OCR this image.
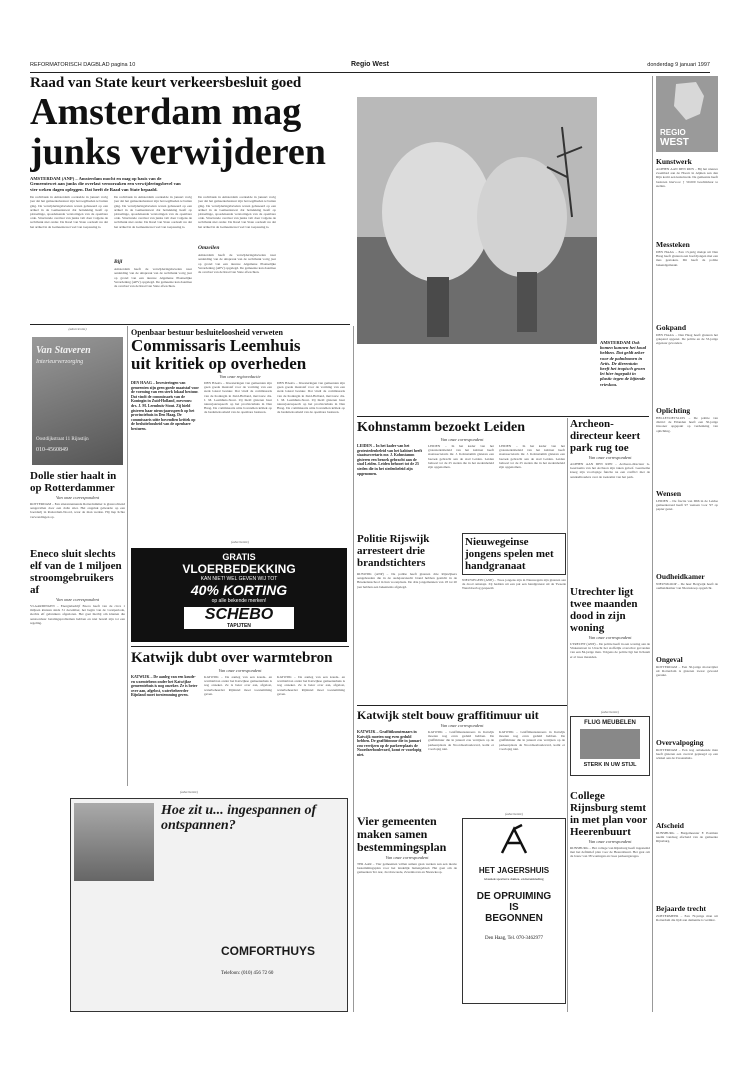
REFORMATORISCH DAGBLAD pagina 10	Regio West	donderdag 9 januari 1997
Raad van State keurt verkeersbesluit goed
Amsterdam mag
junks verwijderen
AMSTERDAM (ANP) – Amsterdam mocht en mag op basis van de Gemeentewet aan junks die overlast veroorzaken een verwijderingsbevel van vier weken dagen opleggen. Dat heeft de Raad van State bepaald.
De rechtbank in Amsterdam oordeelde in januari vorig jaar dat het gemeentebestuur zijn bevoegdheden te buiten ging. De verwijderingsbevelen waren gebaseerd op een artikel in de Gemeentewet dat betrekking heeft op plotselinge, spoedeisende verstoringen van de openbare orde. Structurele overlast van junks valt daar volgens de rechtbank niet onder. De Raad van State oordeelt nu dat het artikel in de Gemeentewet wel van toepassing is.
De rechtbank in Amsterdam oordeelde in januari vorig jaar dat het gemeentebestuur zijn bevoegdheden te buiten ging. De verwijderingsbevelen waren gebaseerd op een artikel in de Gemeentewet dat betrekking heeft op plotselinge, spoedeisende verstoringen van de openbare orde. Structurele overlast van junks valt daar volgens de rechtbank niet onder. De Raad van State oordeelt nu dat het artikel in de Gemeentewet wel van toepassing is.
Bijl
Amsterdam heeft de verwijderingsbevelen naar aanleiding van de uitspraak van de rechtbank vorig jaar op grond van een nieuwe Algemene Plaatselijke Verordening (APV) opgelegd. De gemeente kan daarmee de overlast van de Raad van State afwachten.
De rechtbank in Amsterdam oordeelde in januari vorig jaar dat het gemeentebestuur zijn bevoegdheden te buiten ging. De verwijderingsbevelen waren gebaseerd op een artikel in de Gemeentewet dat betrekking heeft op plotselinge, spoedeisende verstoringen van de openbare orde. Structurele overlast van junks valt daar volgens de rechtbank niet onder. De Raad van State oordeelt nu dat het artikel in de Gemeentewet wel van toepassing is.
Omzeilen
Amsterdam heeft de verwijderingsbevelen naar aanleiding van de uitspraak van de rechtbank vorig jaar op grond van een nieuwe Algemene Plaatselijke Verordening (APV) opgelegd. De gemeente kan daarmee de overlast van de Raad van State afwachten.
AMSTERDAM Ook bomen kunnen het koud hebben. Dat geldt zeker voor de palmbomen in Artis. De dierentuin heeft het tropisch groen let hier ingepakt in plastic tegen de bijtende vrieskou.
REGIO
WEST
Kunstwerk
ALPHEN AAN DEN RIJN – Bij het nieuwe zwembad aan de Hoorn in Alphen aan den Rijn komt een kunstwerk. De gemeente heeft besloten hiervoor ƒ 50.000 beschikbaar te stellen.
Messteken
DEN HAAG – Een 13-jarig meisje uit Den Haag heeft gisteren een hoofdjongen met een mes gestoken. Dit heeft de politie bekendgemaakt.
Gokpand
DEN HAAG – Den Haag heeft gisteren het gokpand opgezet. De politie en de 33-jarige eigenaar gevonden.
Oplichting
HELLEVOETSLUIS – De politie van district de Eilanden heeft een 30-jarige inwoner opgepakt op verdenking van oplichting.
Wensen
LEIDEN – De fractie van D66 in de Leidse gemeenteraad heeft 97 wensen voor '97 op papier gezet.
Oudheidkamer
NIEUWKOOP – De heer Bergwijk heeft de oudheidkamer van Nieuwkoop opgericht.
Ongeval
ROTTERDAM – Een 30-jarige motorrijder uit Rotterdam is gisteren zwaar gewond geraakt.
Overvalpoging
ROTTERDAM – Een nog onbekende man heeft gisteren een overval gepleegd op een winkel aan de Zwaanshals.
Afscheid
RIJNSBURG – Burgemeester F. Postman neemt vandaag afscheid van de gemeente Rijnsburg.
Bejaarde trecht
ZOETERMEER – Een 79-jarige man uit Rotterdam die lijdt aan dementie is vermist.
(advertentie)
Van Staveren
Interieurverzorging
Oostdijkstraat 11 Rijnstijn
010-4560849
Dolle stier haalt in op Rotterdammer
Van onze correspondent
ROTTERDAM – Een stierenrennende Rotterdammer is gisterochtend aangevallen door een dolle stier. Het ongeluk gebeurde op een boerderij in Rotterdam-Noord, waar de man werkte. Hij liep lichte verwondingen op.
Eneco sluit slechts elf van de 1 miljoen stroomgebruikers af
Van onze correspondent
VLAARDINGEN – Energiebedrijf Eneco heeft van de circa 1 miljoen klanten sinds 31 december, het begin van de vorstperiode, slechts elf gebruikers afgesloten. Het gaat hierbij om klanten die aantoonbaar betalingsproblemen hebben en niet bereid zijn tot een regeling.
Openbaar bestuur besluiteloosheid verweten
Commissaris Leemhuis
uit kritiek op overheden
Van onze regioredactie
DEN HAAG – Investeringen van gemeenten zijn geen goede maatstaf voor de vorming van een sterk lokaal bestuur. Dat vindt de commissaris van de Koningin in Zuid-Holland, mevrouw drs. J. M. Leemhuis-Stout. Zij hield gisteren haar nieuwjaarsspeech op het provinciehuis in Den Haag. De commissaris uitte bovendien kritiek op de besluiteloosheid van de openbare besturen.
DEN HAAG – Investeringen van gemeenten zijn geen goede maatstaf voor de vorming van een sterk lokaal bestuur. Dat vindt de commissaris van de Koningin in Zuid-Holland, mevrouw drs. J. M. Leemhuis-Stout. Zij hield gisteren haar nieuwjaarsspeech op het provinciehuis in Den Haag. De commissaris uitte bovendien kritiek op de besluiteloosheid van de openbare besturen.
DEN HAAG – Investeringen van gemeenten zijn geen goede maatstaf voor de vorming van een sterk lokaal bestuur. Dat vindt de commissaris van de Koningin in Zuid-Holland, mevrouw drs. J. M. Leemhuis-Stout. Zij hield gisteren haar nieuwjaarsspeech op het provinciehuis in Den Haag. De commissaris uitte bovendien kritiek op de besluiteloosheid van de openbare besturen.
(advertentie)
GRATIS
VLOERBEDEKKING
KAN NIET! WEL GEVEN WIJ TOT
40% KORTING
op alle bekende merken!
SCHEBO
TAPIJTEN
Katwijk dubt over warmtebron
Van onze correspondent
KATWIJK – De aanleg van een koude- en warmtebron onder het Katwijkse gemeentehuis is nog onzeker. Ze is beter over aan, afgelost, waterbeheerder Rijnland moet toestemming geven.
KATWIJK – De aanleg van een koude- en warmtebron onder het Katwijkse gemeentehuis is nog onzeker. Ze is beter over aan, afgelost, waterbeheerder Rijnland moet toestemming geven.
KATWIJK – De aanleg van een koude- en warmtebron onder het Katwijkse gemeentehuis is nog onzeker. Ze is beter over aan, afgelost, waterbeheerder Rijnland moet toestemming geven.
(advertentie)
Hoe zit u... ingespannen of ontspannen?
COMFORTHUYS
Telefoon: (010) 456 72 60
Kohnstamm bezoekt Leiden
Van onze correspondent
LEIDEN – In het kader van het grotestedenbeleid van het kabinet heeft staatssecretaris mr. J. Kohnstamm gisteren een bezoek gebracht aan de stad Leiden. Leiden behoort tot de 25 steden die in het stedenbeleid zijn opgenomen.
LEIDEN – In het kader van het grotestedenbeleid van het kabinet heeft staatssecretaris mr. J. Kohnstamm gisteren een bezoek gebracht aan de stad Leiden. Leiden behoort tot de 25 steden die in het stedenbeleid zijn opgenomen.
LEIDEN – In het kader van het grotestedenbeleid van het kabinet heeft staatssecretaris mr. J. Kohnstamm gisteren een bezoek gebracht aan de stad Leiden. Leiden behoort tot de 25 steden die in het stedenbeleid zijn opgenomen.
Archeon-directeur keert park rug toe
Van onze correspondent
ALPHEN AAN DEN RIJN – Archeon-directeur G. Geertsema van het Archeon zijn taken geloof. Geertsema kreeg zijn voorlopige functie na een conflict met de aandeelhouders over de toekomst van het park.
Politie Rijswijk arresteert drie brandstichters
RIJSWIJK (ANP) – De politie heeft gisteren drie Rijswijkers aangehouden die in de oudejaarsnacht brand hebben gesticht in de Bruekelenschool in hun woonplaats. De drie jongemannen van 18 tot 20 jaar hebben een bekentenis afgelegd.
Nieuwegeinse jongens spelen met handgranaat
NIEUWEGEIN (ANP) – Twee jongens zijn in Nieuwegein zijn gisteren aan de dood ontsnapt. Zij hadden uit een put een handgranaat uit de Tweede Wereldoorlog gespeeld.	Utrechter ligt twee maanden dood in zijn woning
Van onze correspondent
UTRECHT (ANP) – De politie heeft in een woning aan de Vinkenstraat in Utrecht het stoffelijk overschot gevonden van een 84-jarige man. Volgens de politie ligt het lichaam er al twee maanden.
Katwijk stelt bouw graffitimuur uit
Van onze correspondent
KATWIJK – Graffitikunstenaars in Katwijk moeten nog even geduld hebben. De graffitimuur die in januari zou verrijzen op de parkeerplaats de Noordzeeboulevard, komt er voorlopig niet.
KATWIJK – Graffitikunstenaars in Katwijk moeten nog even geduld hebben. De graffitimuur die in januari zou verrijzen op de parkeerplaats de Noordzeeboulevard, komt er voorlopig niet.
KATWIJK – Graffitikunstenaars in Katwijk moeten nog even geduld hebben. De graffitimuur die in januari zou verrijzen op de parkeerplaats de Noordzeeboulevard, komt er voorlopig niet.
(advertentie)
FLUG MEUBELEN
STERK IN UW STIJL
Vier gemeenten maken samen bestemmingsplan
Van onze correspondent
TER AAR – Vier gemeenten willen samen gaan werken aan een nieuw bestemmingsplan voor het landelijk buitengebied. Het gaat om de gemeenten Ter Aar, Jacobswoude, Zevenhoven en Nieuwkoop.
(advertentie)
HET JAGERSHUIS
klassiek sportieve dames- en herenkleding
DE OPRUIMING
IS
BEGONNEN
Den Haag, Tel. 070-3462977
College Rijnsburg stemt in met plan voor Heerenbuurt
Van onze correspondent
RIJNSBURG – Het college van Rijnsburg heeft ingestemd met het definitief plan voor de Heerenbuurt. Het gaat om de bouw van 38 woningen en twee parkeergarages.
